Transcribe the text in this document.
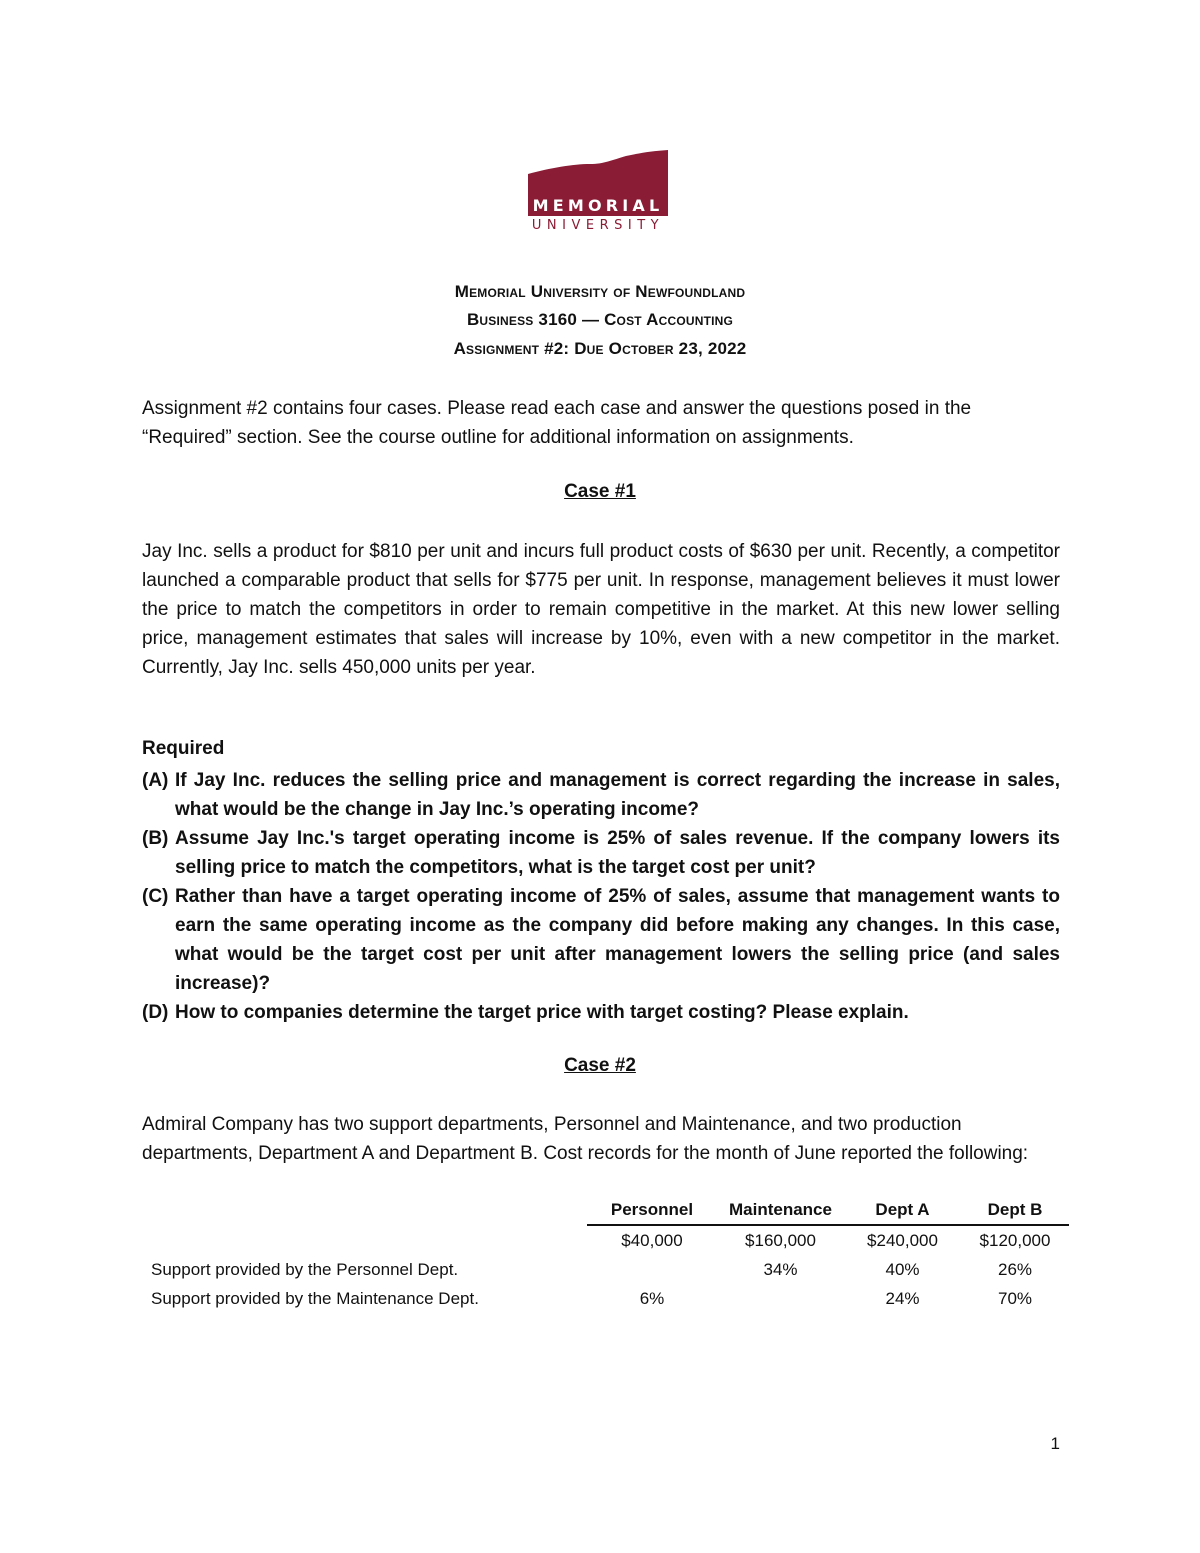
MEMORIAL
UNIVERSITY
Memorial University of Newfoundland
Business 3160 — Cost Accounting
Assignment #2: Due October 23, 2022
Assignment #2 contains four cases. Please read each case and answer the questions posed in the “Required” section. See the course outline for additional information on assignments.
Case #1
Jay Inc. sells a product for $810 per unit and incurs full product costs of $630 per unit. Recently, a competitor launched a comparable product that sells for $775 per unit. In response, management believes it must lower the price to match the competitors in order to remain competitive in the market. At this new lower selling price, management estimates that sales will increase by 10%, even with a new competitor in the market. Currently, Jay Inc. sells 450,000 units per year.
Required
(A) If Jay Inc. reduces the selling price and management is correct regarding the increase in sales, what would be the change in Jay Inc.’s operating income?
(B) Assume Jay Inc.'s target operating income is 25% of sales revenue. If the company lowers its selling price to match the competitors, what is the target cost per unit?
(C) Rather than have a target operating income of 25% of sales, assume that management wants to earn the same operating income as the company did before making any changes. In this case, what would be the target cost per unit after management lowers the selling price (and sales increase)?
(D) How to companies determine the target price with target costing? Please explain.
Case #2
Admiral Company has two support departments, Personnel and Maintenance, and two production departments, Department A and Department B. Cost records for the month of June reported the following:
	Personnel	Maintenance	Dept A	Dept B
	$40,000	$160,000	$240,000	$120,000
Support provided by the Personnel Dept.		34%	40%	26%
Support provided by the Maintenance Dept.	6%		24%	70%
1
